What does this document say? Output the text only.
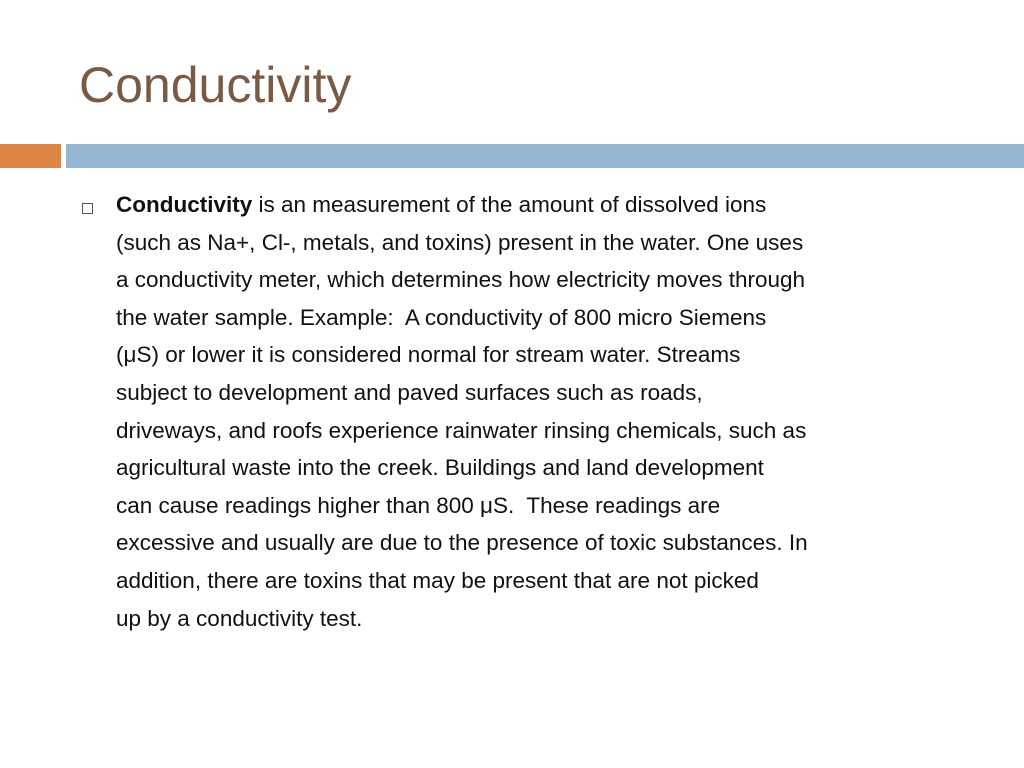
Conductivity

Conductivity is an measurement of the amount of dissolved ions
(such as Na+, Cl-, metals, and toxins) present in the water. One uses
a conductivity meter, which determines how electricity moves through
the water sample. Example:  A conductivity of 800 micro Siemens
(μS) or lower it is considered normal for stream water. Streams
subject to development and paved surfaces such as roads,
driveways, and roofs experience rainwater rinsing chemicals, such as
agricultural waste into the creek. Buildings and land development
can cause readings higher than 800 μS.  These readings are
excessive and usually are due to the presence of toxic substances. In
addition, there are toxins that may be present that are not picked
up by a conductivity test.
